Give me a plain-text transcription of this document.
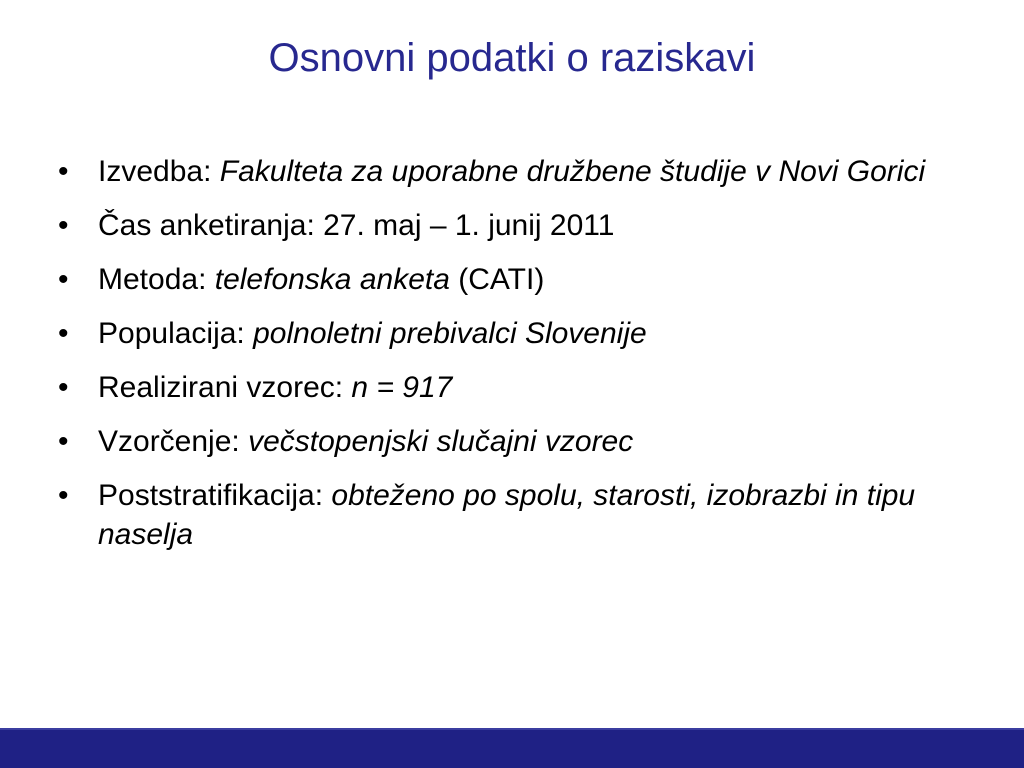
Osnovni podatki o raziskavi
• Izvedba: Fakulteta za uporabne družbene študije v Novi Gorici
• Čas anketiranja: 27. maj – 1. junij 2011
• Metoda: telefonska anketa (CATI)
• Populacija: polnoletni prebivalci Slovenije
• Realizirani vzorec: n = 917
• Vzorčenje: večstopenjski slučajni vzorec
• Poststratifikacija: obteženo po spolu, starosti, izobrazbi in tipu naselja
